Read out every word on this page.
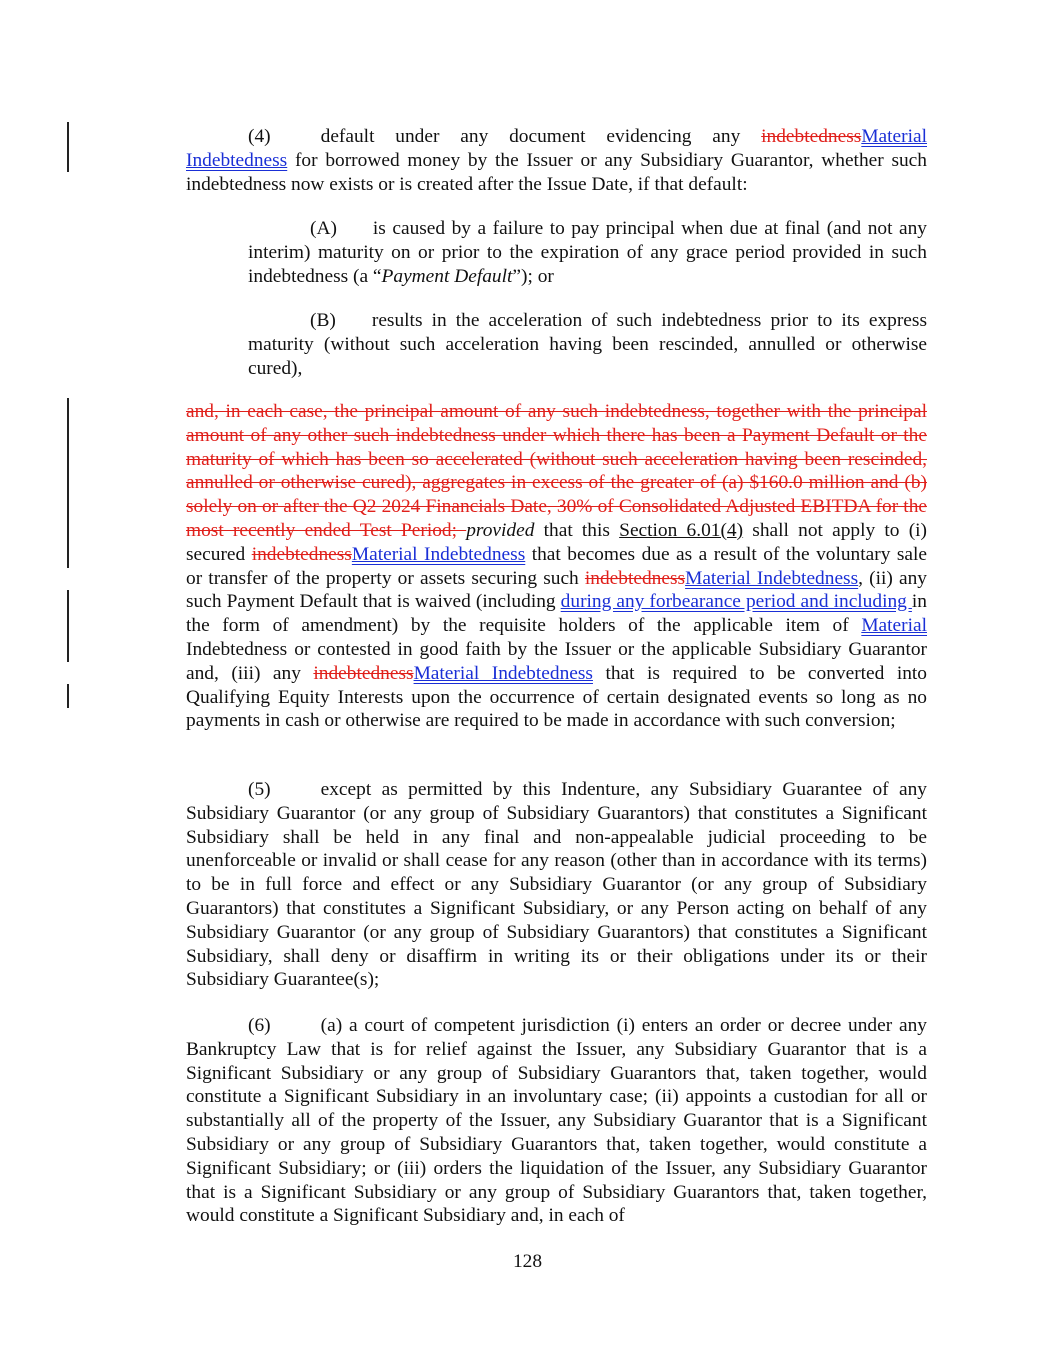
(4)	default under any document evidencing any indebtednessMaterial Indebtedness for borrowed money by the Issuer or any Subsidiary Guarantor, whether such indebtedness now exists or is created after the Issue Date, if that default:

(A) is caused by a failure to pay principal when due at final (and not any interim) maturity on or prior to the expiration of any grace period provided in such indebtedness (a “Payment Default”); or

(B) results in the acceleration of such indebtedness prior to its express maturity (without such acceleration having been rescinded, annulled or otherwise cured),

and, in each case, the principal amount of any such indebtedness, together with the principal amount of any other such indebtedness under which there has been a Payment Default or the maturity of which has been so accelerated (without such acceleration having been rescinded, annulled or otherwise cured), aggregates in excess of the greater of (a) $160.0 million and (b) solely on or after the Q2 2024 Financials Date, 30% of Consolidated Adjusted EBITDA for the most recently ended Test Period; provided that this Section 6.01(4) shall not apply to (i) secured indebtednessMaterial Indebtedness that becomes due as a result of the voluntary sale or transfer of the property or assets securing such indebtednessMaterial Indebtedness, (ii) any such Payment Default that is waived (including during any forbearance period and including in the form of amendment) by the requisite holders of the applicable item of Material Indebtedness or contested in good faith by the Issuer or the applicable Subsidiary Guarantor and, (iii) any indebtednessMaterial Indebtedness that is required to be converted into Qualifying Equity Interests upon the occurrence of certain designated events so long as no payments in cash or otherwise are required to be made in accordance with such conversion;

(5)	except as permitted by this Indenture, any Subsidiary Guarantee of any Subsidiary Guarantor (or any group of Subsidiary Guarantors) that constitutes a Significant Subsidiary shall be held in any final and non-appealable judicial proceeding to be unenforceable or invalid or shall cease for any reason (other than in accordance with its terms) to be in full force and effect or any Subsidiary Guarantor (or any group of Subsidiary Guarantors) that constitutes a Significant Subsidiary, or any Person acting on behalf of any Subsidiary Guarantor (or any group of Subsidiary Guarantors) that constitutes a Significant Subsidiary, shall deny or disaffirm in writing its or their obligations under its or their Subsidiary Guarantee(s);

(6)	(a) a court of competent jurisdiction (i) enters an order or decree under any Bankruptcy Law that is for relief against the Issuer, any Subsidiary Guarantor that is a Significant Subsidiary or any group of Subsidiary Guarantors that, taken together, would constitute a Significant Subsidiary in an involuntary case; (ii) appoints a custodian for all or substantially all of the property of the Issuer, any Subsidiary Guarantor that is a Significant Subsidiary or any group of Subsidiary Guarantors that, taken together, would constitute a Significant Subsidiary; or (iii) orders the liquidation of the Issuer, any Subsidiary Guarantor that is a Significant Subsidiary or any group of Subsidiary Guarantors that, taken together, would constitute a Significant Subsidiary and, in each of

128
